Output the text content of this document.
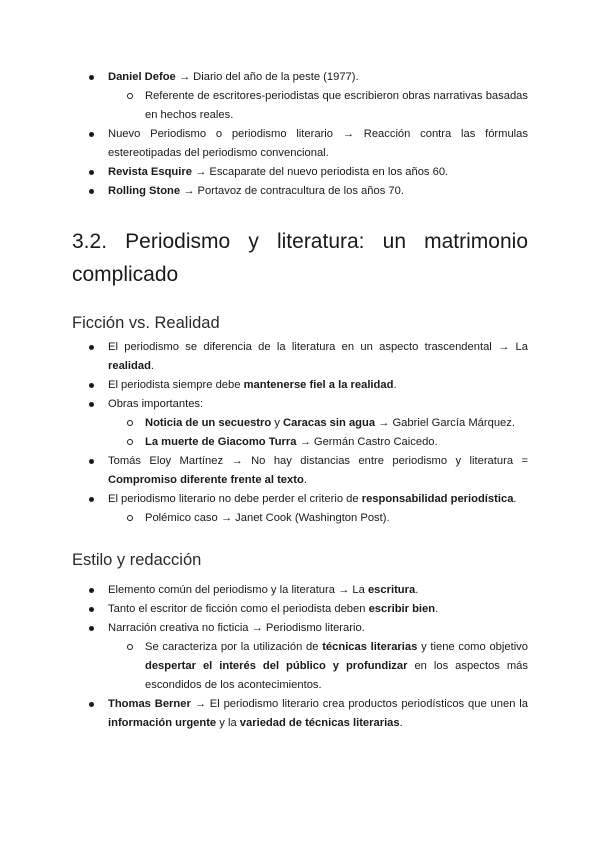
Daniel Defoe → Diario del año de la peste (1977).
Referente de escritores-periodistas que escribieron obras narrativas basadas en hechos reales.
Nuevo Periodismo o periodismo literario → Reacción contra las fórmulas estereotipadas del periodismo convencional.
Revista Esquire → Escaparate del nuevo periodista en los años 60.
Rolling Stone → Portavoz de contracultura de los años 70.
3.2. Periodismo y literatura: un matrimonio complicado
Ficción vs. Realidad
El periodismo se diferencia de la literatura en un aspecto trascendental → La realidad.
El periodista siempre debe mantenerse fiel a la realidad.
Obras importantes:
Noticia de un secuestro y Caracas sin agua → Gabriel García Márquez.
La muerte de Giacomo Turra → Germán Castro Caicedo.
Tomás Eloy Martínez → No hay distancias entre periodismo y literatura = Compromiso diferente frente al texto.
El periodismo literario no debe perder el criterio de responsabilidad periodística.
Polémico caso → Janet Cook (Washington Post).
Estilo y redacción
Elemento común del periodismo y la literatura → La escritura.
Tanto el escritor de ficción como el periodista deben escribir bien.
Narración creativa no ficticia → Periodismo literario.
Se caracteriza por la utilización de técnicas literarias y tiene como objetivo despertar el interés del público y profundizar en los aspectos más escondidos de los acontecimientos.
Thomas Berner → El periodismo literario crea productos periodísticos que unen la información urgente y la variedad de técnicas literarias.
